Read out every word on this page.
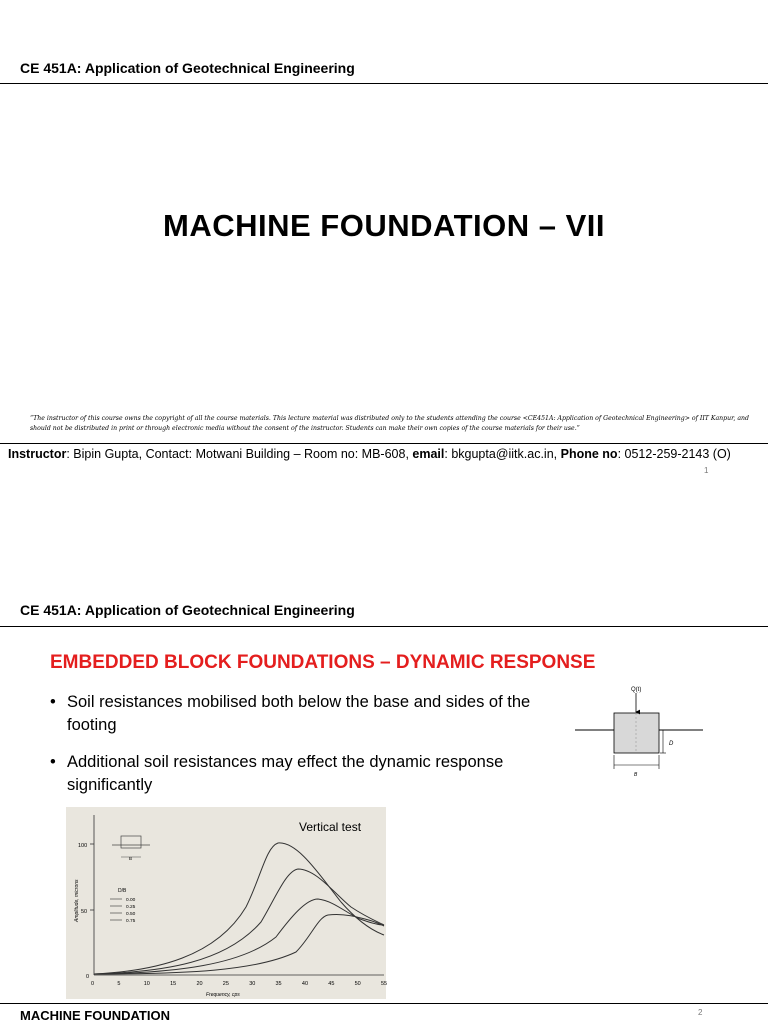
CE 451A: Application of Geotechnical Engineering
MACHINE FOUNDATION – VII
“The instructor of this course owns the copyright of all the course materials. This lecture material was distributed only to the students attending the course <CE451A: Application of Geotechnical Engineering> of IIT Kanpur, and should not be distributed in print or through electronic media without the consent of the instructor. Students can make their own copies of the course materials for their use.”
Instructor: Bipin Gupta, Contact: Motwani Building – Room no: MB-608, email: bkgupta@iitk.ac.in, Phone no: 0512-259-2143 (O)
1
CE 451A: Application of Geotechnical Engineering
EMBEDDED BLOCK FOUNDATIONS – DYNAMIC RESPONSE
• Soil resistances mobilised both below the base and sides of the footing
• Additional soil resistances may effect the dynamic response significantly
Q(t)
D
B
100
50
0
Amplitude, microns
0	5	10	15	20	25	30	35	40	45	50	55
Frequency, cps
Vertical test
B
D/B
0.00
0.25
0.50
0.75
MACHINE FOUNDATION	2
